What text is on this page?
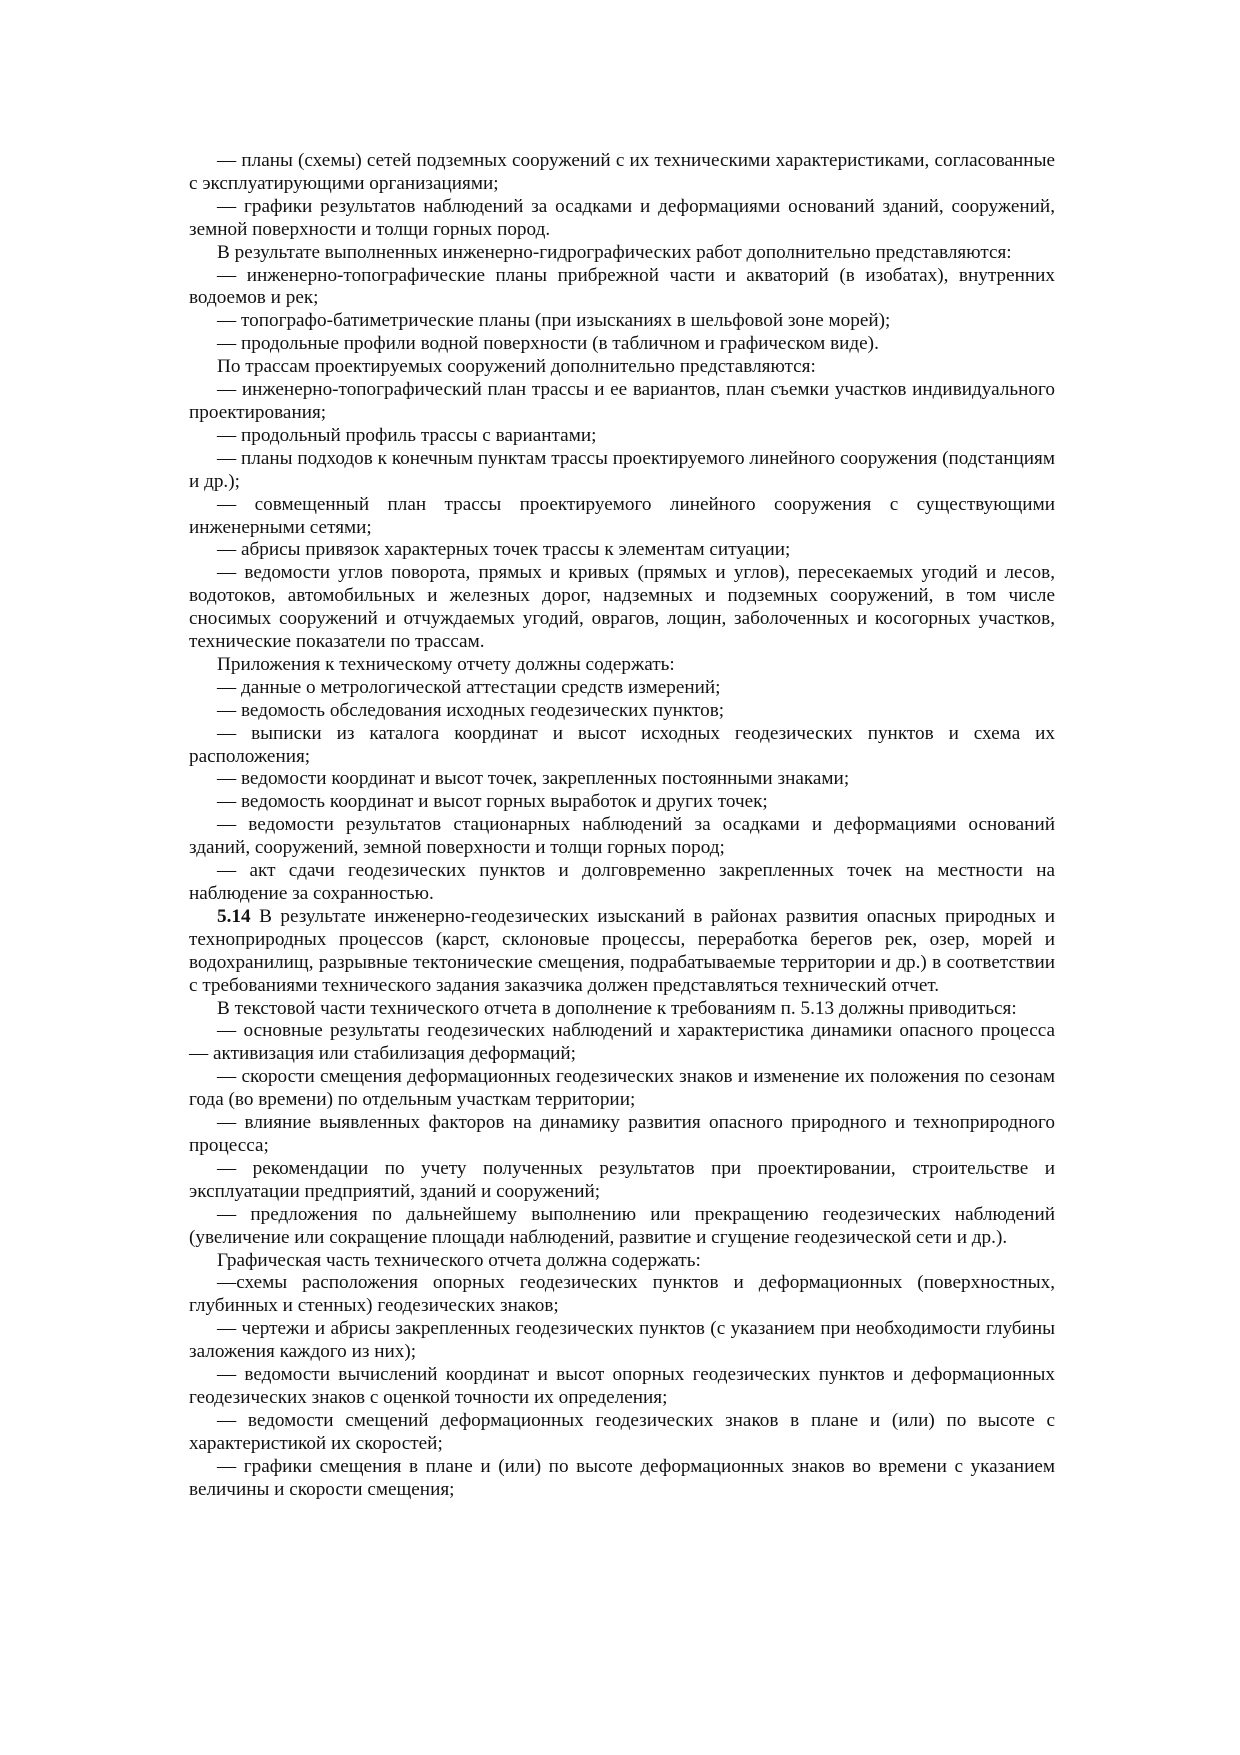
— планы (схемы) сетей подземных сооружений с их техническими характеристиками, согласованные с эксплуатирующими организациями;

— графики результатов наблюдений за осадками и деформациями оснований зданий, сооружений, земной поверхности и толщи горных пород.

В результате выполненных инженерно-гидрографических работ дополнительно представляются:

— инженерно-топографические планы прибрежной части и акваторий (в изобатах), внутренних водоемов и рек;

— топографо-батиметрические планы (при изысканиях в шельфовой зоне морей);

— продольные профили водной поверхности (в табличном и графическом виде).

По трассам проектируемых сооружений дополнительно представляются:

— инженерно-топографический план трассы и ее вариантов, план съемки участков индивидуального проектирования;

— продольный профиль трассы с вариантами;

— планы подходов к конечным пунктам трассы проектируемого линейного сооружения (подстанциям и др.);

— совмещенный план трассы проектируемого линейного сооружения с существующими инженерными сетями;

— абрисы привязок характерных точек трассы к элементам ситуации;

— ведомости углов поворота, прямых и кривых (прямых и углов), пересекаемых угодий и лесов, водотоков, автомобильных и железных дорог, надземных и подземных сооружений, в том числе сносимых сооружений и отчуждаемых угодий, оврагов, лощин, заболоченных и косогорных участков, технические показатели по трассам.

Приложения к техническому отчету должны содержать:

— данные о метрологической аттестации средств измерений;

— ведомость обследования исходных геодезических пунктов;

— выписки из каталога координат и высот исходных геодезических пунктов и схема их расположения;

— ведомости координат и высот точек, закрепленных постоянными знаками;

— ведомость координат и высот горных выработок и других точек;

— ведомости результатов стационарных наблюдений за осадками и деформациями оснований зданий, сооружений, земной поверхности и толщи горных пород;

— акт сдачи геодезических пунктов и долговременно закрепленных точек на местности на наблюдение за сохранностью.

5.14 В результате инженерно-геодезических изысканий в районах развития опасных природных и технoприродных процессов (карст, склоновые процессы, переработка берегов рек, озер, морей и водохранилищ, разрывные тектонические смещения, подрабатываемые территории и др.) в соответствии с требованиями технического задания заказчика должен представляться технический отчет.

В текстовой части технического отчета в дополнение к требованиям п. 5.13 должны приводиться:

— основные результаты геодезических наблюдений и характеристика динамики опасного процесса — активизация или стабилизация деформаций;

— скорости смещения деформационных геодезических знаков и изменение их положения по сезонам года (во времени) по отдельным участкам территории;

— влияние выявленных факторов на динамику развития опасного природного и техноприродного процесса;

— рекомендации по учету полученных результатов при проектировании, строительстве и эксплуатации предприятий, зданий и сооружений;

— предложения по дальнейшему выполнению или прекращению геодезических наблюдений (увеличение или сокращение площади наблюдений, развитие и сгущение геодезической сети и др.).

Графическая часть технического отчета должна содержать:

—схемы расположения опорных геодезических пунктов и деформационных (поверхностных, глубинных и стенных) геодезических знаков;

— чертежи и абрисы закрепленных геодезических пунктов (с указанием при необходимости глубины заложения каждого из них);

— ведомости вычислений координат и высот опорных геодезических пунктов и деформационных геодезических знаков с оценкой точности их определения;

— ведомости смещений деформационных геодезических знаков в плане и (или) по высоте с характеристикой их скоростей;

— графики смещения в плане и (или) по высоте деформационных знаков во времени с указанием величины и скорости смещения;
